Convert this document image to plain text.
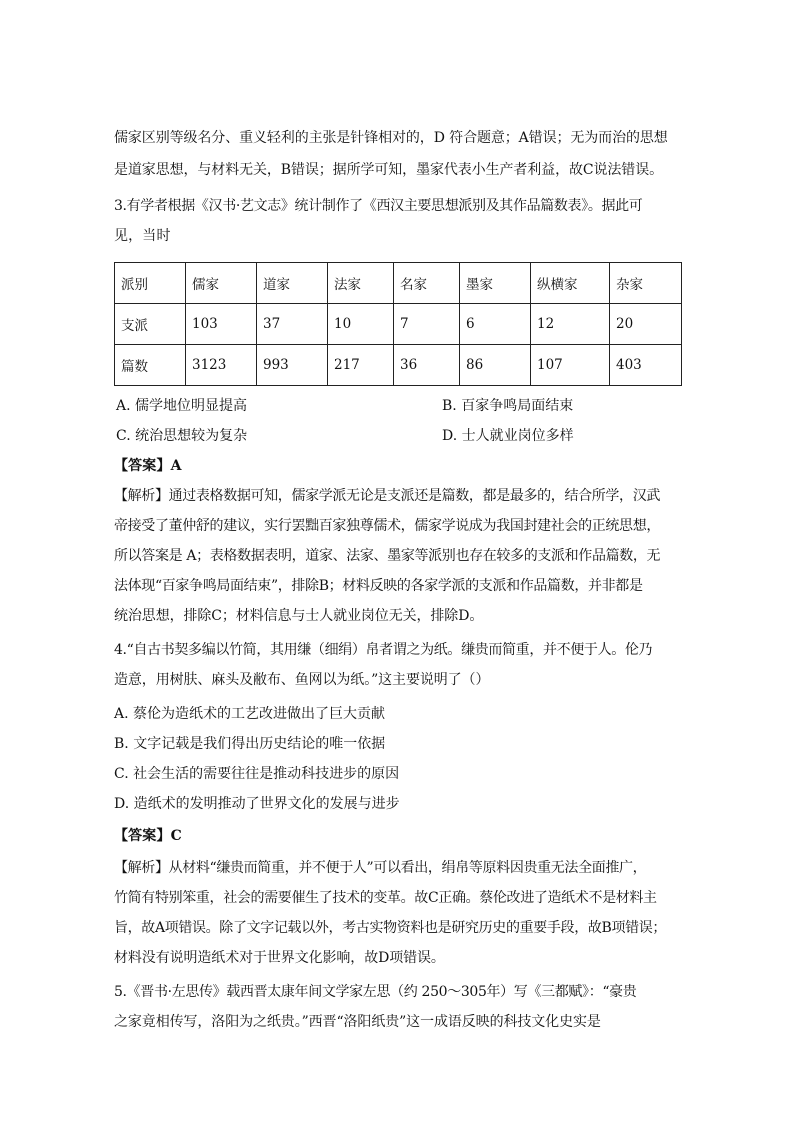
儒家区别等级名分、重义轻利的主张是针锋相对的，D 符合题意；A错误；无为而治的思想
是道家思想，与材料无关，B错误；据所学可知，墨家代表小生产者利益，故C说法错误。
3.有学者根据《汉书·艺文志》统计制作了《西汉主要思想派别及其作品篇数表》。据此可
见，当时
派别	儒家	道家	法家	名家	墨家	纵横家	杂家
支派	103	37	10	7	6	12	20
篇数	3123	993	217	36	86	107	403
A. 儒学地位明显提高	B. 百家争鸣局面结束
C. 统治思想较为复杂	D. 士人就业岗位多样
【答案】A
【解析】通过表格数据可知，儒家学派无论是支派还是篇数，都是最多的，结合所学，汉武
帝接受了董仲舒的建议，实行罢黜百家独尊儒术，儒家学说成为我国封建社会的正统思想，
所以答案是 A；表格数据表明，道家、法家、墨家等派别也存在较多的支派和作品篇数，无
法体现“百家争鸣局面结束”，排除B；材料反映的各家学派的支派和作品篇数，并非都是
统治思想，排除C；材料信息与士人就业岗位无关，排除D。
4.“自古书契多编以竹简，其用缣（细绢）帛者谓之为纸。缣贵而简重，并不便于人。伦乃
造意，用树肤、麻头及敝布、鱼网以为纸。”这主要说明了（）
A. 蔡伦为造纸术的工艺改进做出了巨大贡献
B. 文字记载是我们得出历史结论的唯一依据
C. 社会生活的需要往往是推动科技进步的原因
D. 造纸术的发明推动了世界文化的发展与进步
【答案】C
【解析】从材料“缣贵而简重，并不便于人”可以看出，绢帛等原料因贵重无法全面推广，
竹简有特别笨重，社会的需要催生了技术的变革。故C正确。蔡伦改进了造纸术不是材料主
旨，故A项错误。除了文字记载以外，考古实物资料也是研究历史的重要手段，故B项错误；
材料没有说明造纸术对于世界文化影响，故D项错误。
5.《晋书·左思传》载西晋太康年间文学家左思（约 250～305年）写《三都赋》：“豪贵
之家竟相传写，洛阳为之纸贵。”西晋“洛阳纸贵”这一成语反映的科技文化史实是
